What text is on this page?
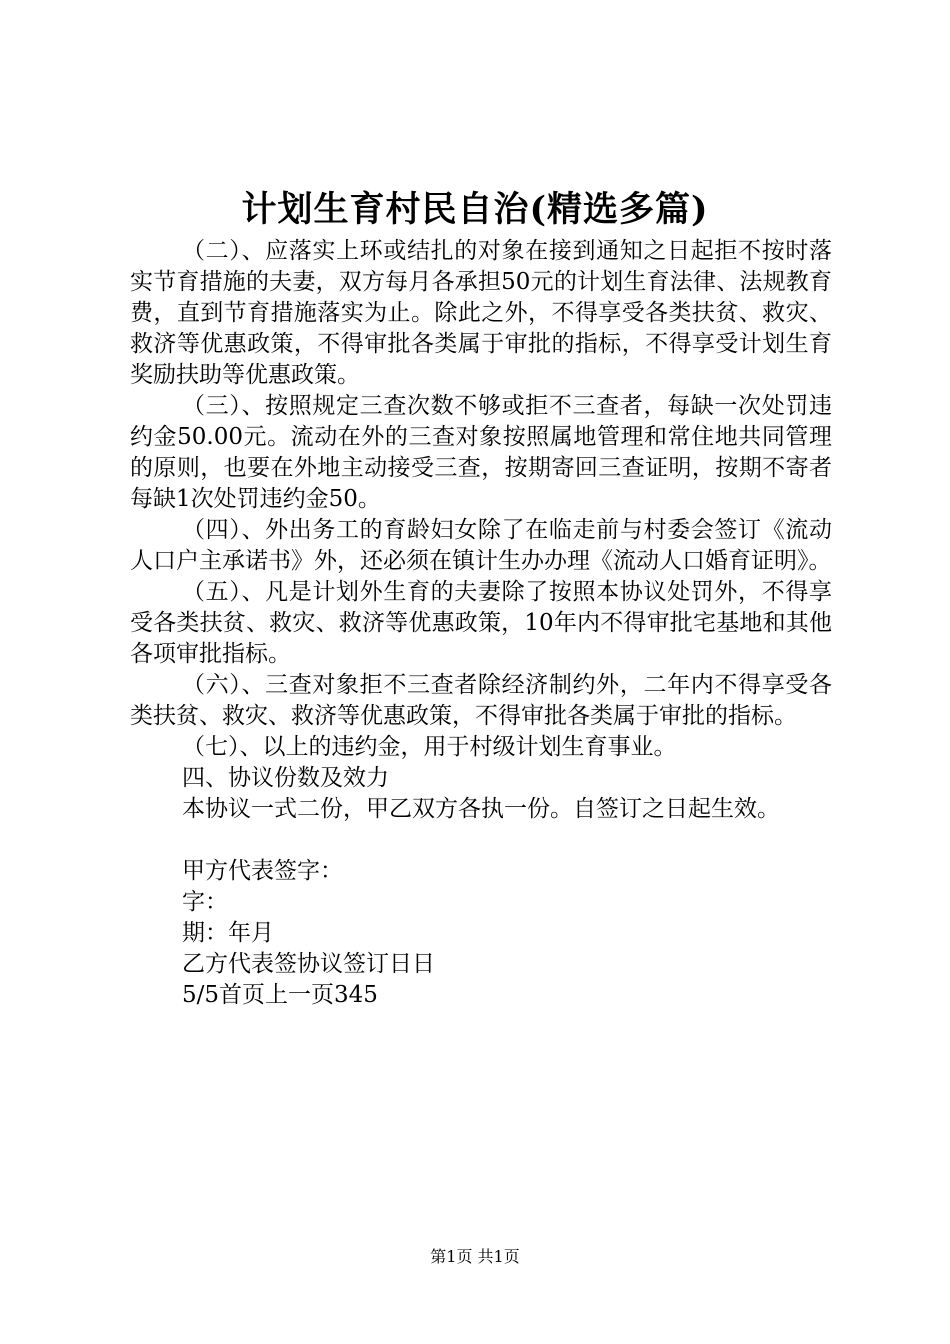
计划生育村民自治(精选多篇)

（二）、应落实上环或结扎的对象在接到通知之日起拒不按时落实节育措施的夫妻，双方每月各承担50元的计划生育法律、法规教育费，直到节育措施落实为止。除此之外，不得享受各类扶贫、救灾、救济等优惠政策，不得审批各类属于审批的指标，不得享受计划生育奖励扶助等优惠政策。

（三）、按照规定三查次数不够或拒不三查者，每缺一次处罚违约金50.00元。流动在外的三查对象按照属地管理和常住地共同管理的原则，也要在外地主动接受三查，按期寄回三查证明，按期不寄者每缺1次处罚违约金50。

（四）、外出务工的育龄妇女除了在临走前与村委会签订《流动人口户主承诺书》外，还必须在镇计生办办理《流动人口婚育证明》。

（五）、凡是计划外生育的夫妻除了按照本协议处罚外，不得享受各类扶贫、救灾、救济等优惠政策，10年内不得审批宅基地和其他各项审批指标。

（六）、三查对象拒不三查者除经济制约外，二年内不得享受各类扶贫、救灾、救济等优惠政策，不得审批各类属于审批的指标。

（七）、以上的违约金，用于村级计划生育事业。

四、协议份数及效力

本协议一式二份，甲乙双方各执一份。自签订之日起生效。

甲方代表签字：

字：

期：年月

乙方代表签协议签订日日

5/5首页上一页345

第1页 共1页
